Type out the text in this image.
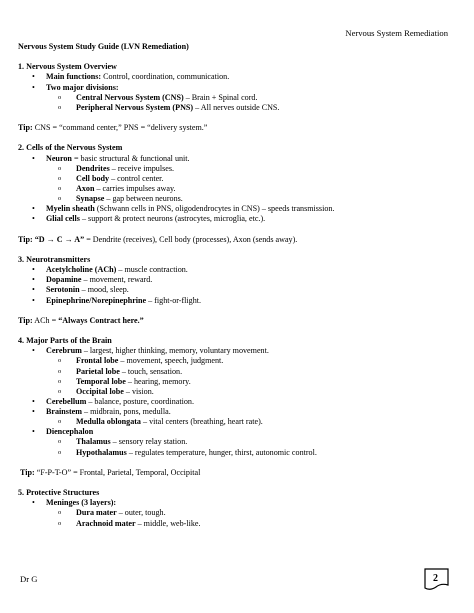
Nervous System Remediation
Nervous System Study Guide (LVN Remediation)
1. Nervous System Overview
•	Main functions: Control, coordination, communication.
•	Two major divisions:
o Central Nervous System (CNS) – Brain + Spinal cord.
o Peripheral Nervous System (PNS) – All nerves outside CNS.
Tip: CNS = “command center,” PNS = “delivery system.”
2. Cells of the Nervous System
•	Neuron = basic structural & functional unit.
o Dendrites – receive impulses.
o Cell body – control center.
o Axon – carries impulses away.
o Synapse – gap between neurons.
•	Myelin sheath (Schwann cells in PNS, oligodendrocytes in CNS) – speeds transmission.
•	Glial cells – support & protect neurons (astrocytes, microglia, etc.).
Tip: “D → C → A” = Dendrite (receives), Cell body (processes), Axon (sends away).
3. Neurotransmitters
•	Acetylcholine (ACh) – muscle contraction.
•	Dopamine – movement, reward.
•	Serotonin – mood, sleep.
•	Epinephrine/Norepinephrine – fight-or-flight.
Tip: ACh = “Always Contract here.”
4. Major Parts of the Brain
•	Cerebrum – largest, higher thinking, memory, voluntary movement.
o Frontal lobe – movement, speech, judgment.
o Parietal lobe – touch, sensation.
o Temporal lobe – hearing, memory.
o Occipital lobe – vision.
•	Cerebellum – balance, posture, coordination.
•	Brainstem – midbrain, pons, medulla.
o Medulla oblongata – vital centers (breathing, heart rate).
•	Diencephalon
o Thalamus – sensory relay station.
o Hypothalamus – regulates temperature, hunger, thirst, autonomic control.
Tip: “F-P-T-O” = Frontal, Parietal, Temporal, Occipital
5. Protective Structures
•	Meninges (3 layers):
o Dura mater – outer, tough.
o Arachnoid mater – middle, web-like.
Dr G	2
